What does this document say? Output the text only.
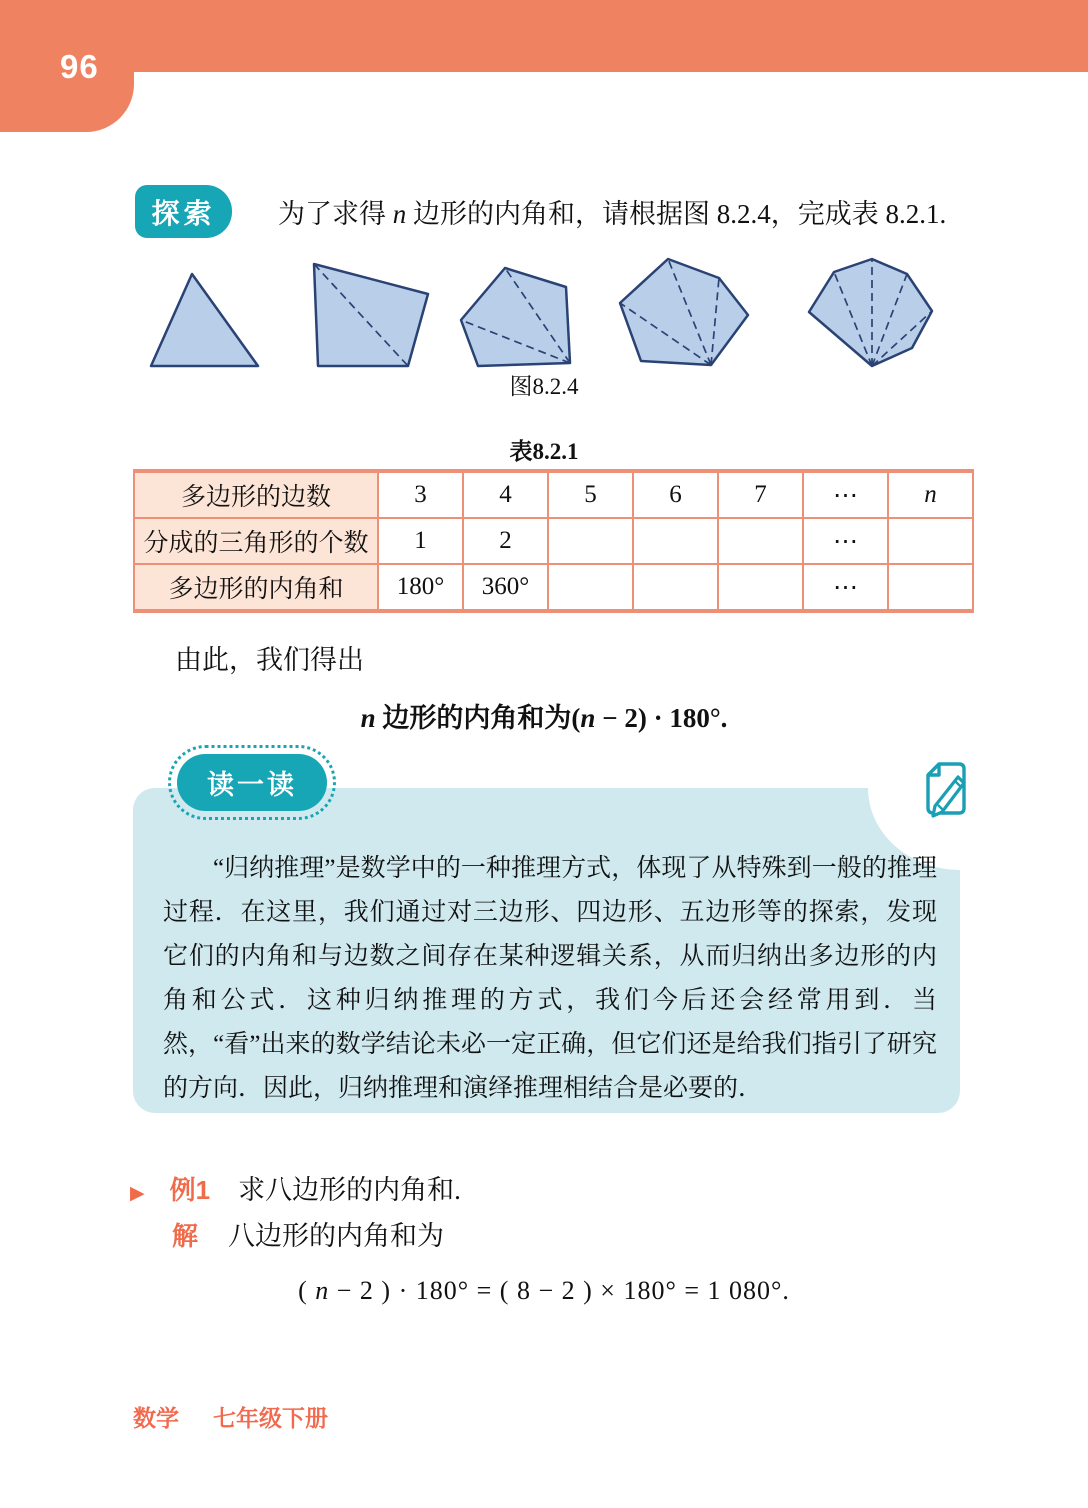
96
探索	为了求得 n 边形的内角和，请根据图 8.2.4，完成表 8.2.1.
图8.2.4
表8.2.1
多边形的边数	3	4	5	6	7	⋯	n
分成的三角形的个数	1	2				⋯	
多边形的内角和	180°	360°				⋯	
由此，我们得出
n 边形的内角和为(n − 2) · 180°.
读一读
“归纳推理”是数学中的一种推理方式，体现了从特殊到一般的推理过程．在这里，我们通过对三边形、四边形、五边形等的探索，发现它们的内角和与边数之间存在某种逻辑关系，从而归纳出多边形的内角和公式．这种归纳推理的方式，我们今后还会经常用到．当然，“看”出来的数学结论未必一定正确，但它们还是给我们指引了研究的方向．因此，归纳推理和演绎推理相结合是必要的．
▶ 例1 求八边形的内角和.
解 八边形的内角和为
( n − 2 ) · 180° = ( 8 − 2 ) × 180° = 1 080°.
数学 七年级下册
